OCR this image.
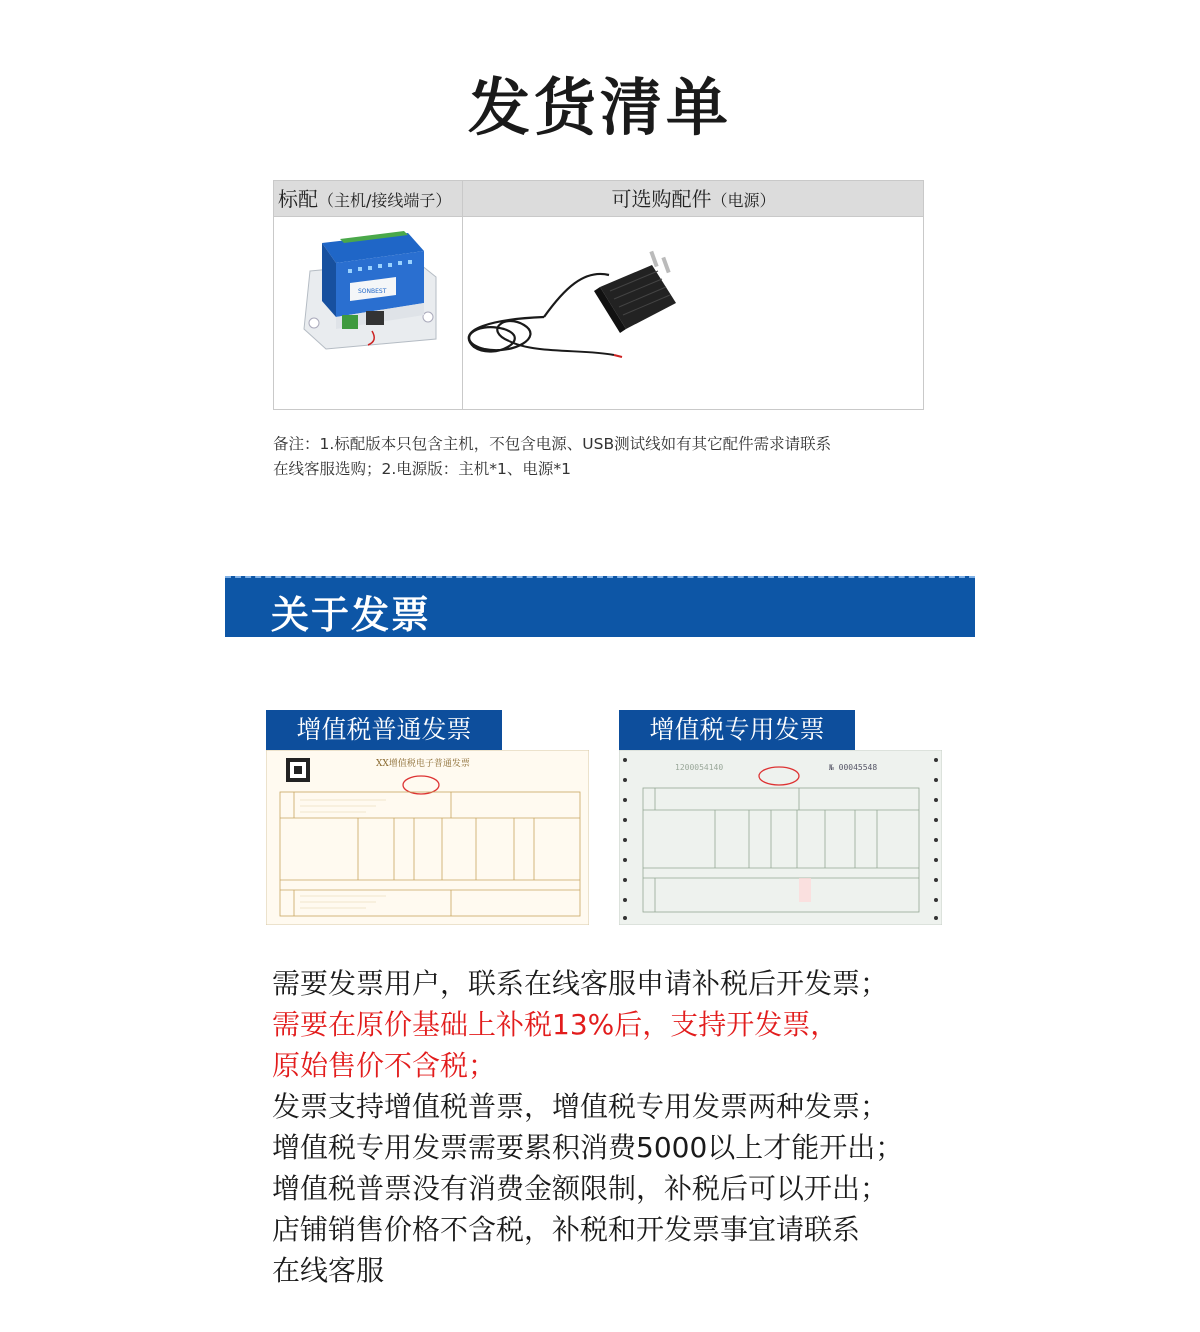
发货清单
标配（主机/接线端子）	可选购配件（电源）
SONBEST
备注：1.标配版本只包含主机，不包含电源、USB测试线如有其它配件需求请联系
在线客服选购；2.电源版：主机*1、电源*1
关于发票
增值税普通发票
XX增值税电子普通发票
增值税专用发票
1200054140	№ 00045548
需要发票用户，联系在线客服申请补税后开发票；
需要在原价基础上补税13%后，支持开发票，
原始售价不含税；
发票支持增值税普票，增值税专用发票两种发票；
增值税专用发票需要累积消费5000以上才能开出；
增值税普票没有消费金额限制，补税后可以开出；
店铺销售价格不含税，补税和开发票事宜请联系
在线客服
